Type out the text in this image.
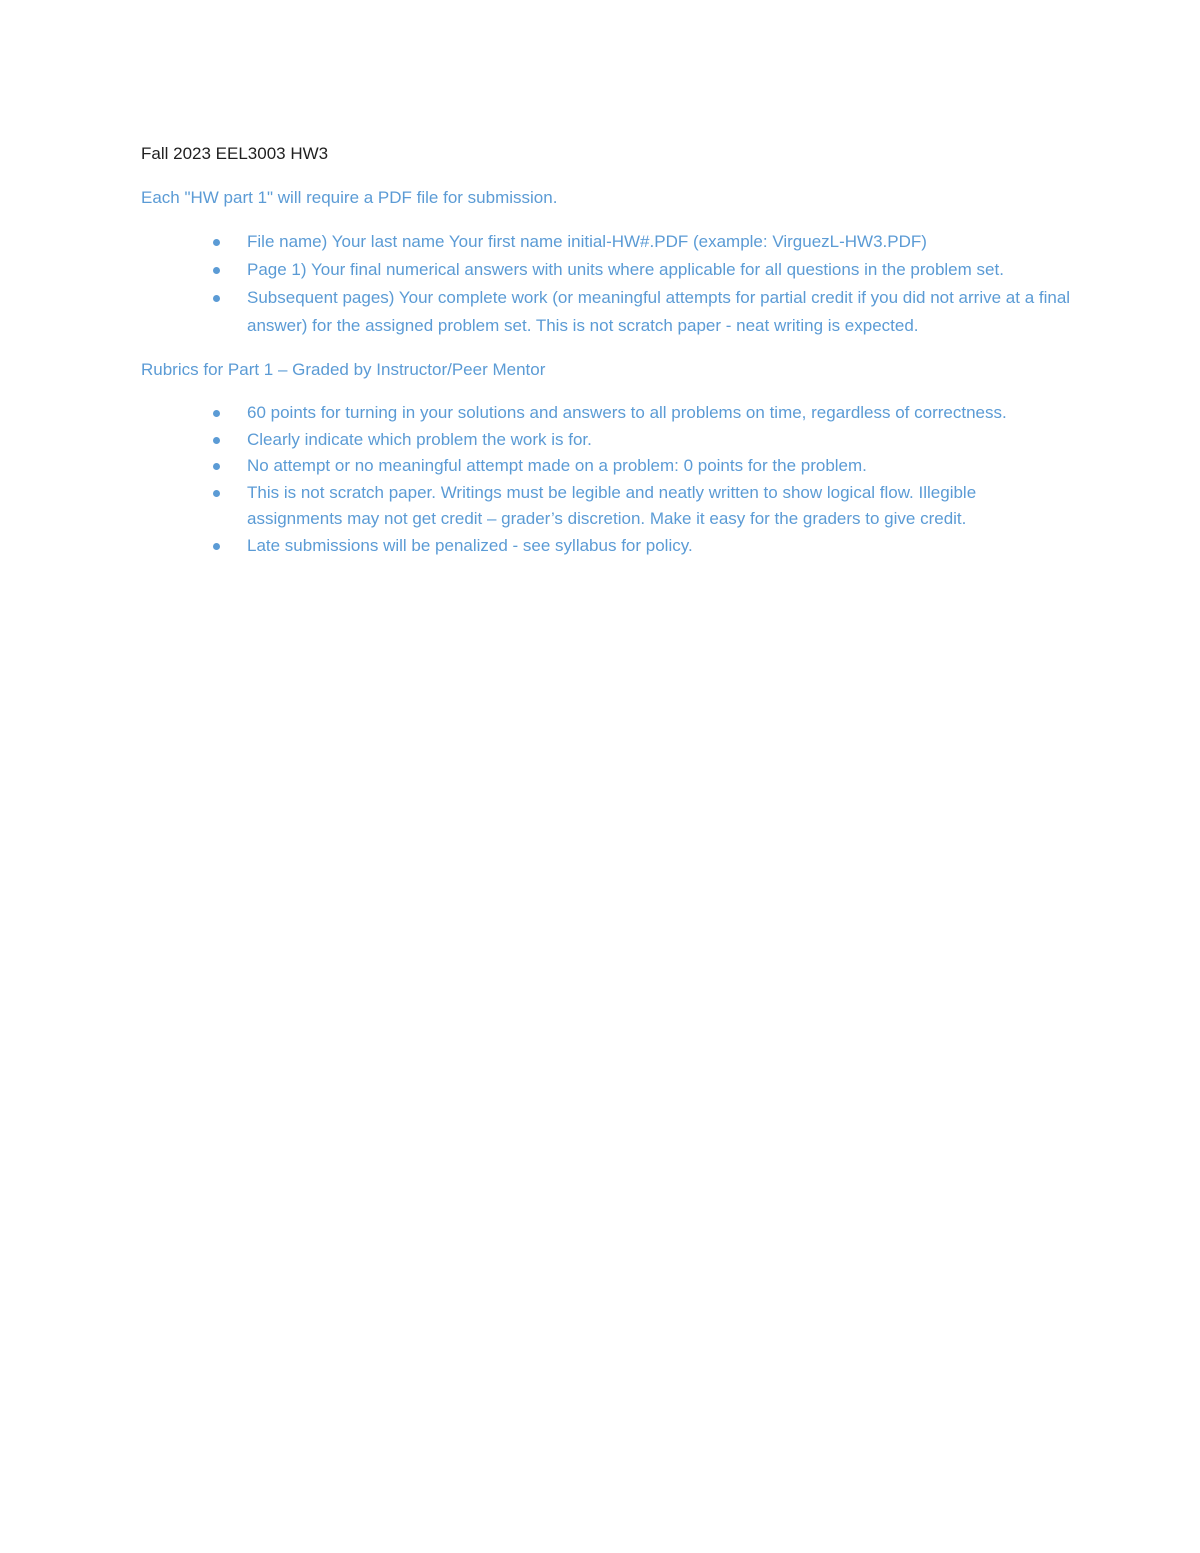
Fall 2023 EEL3003 HW3

Each "HW part 1" will require a PDF file for submission.

File name) Your last name Your first name initial-HW#.PDF (example: VirguezL-HW3.PDF)
Page 1) Your final numerical answers with units where applicable for all questions in the problem set.
Subsequent pages) Your complete work (or meaningful attempts for partial credit if you did not arrive at a final answer) for the assigned problem set. This is not scratch paper - neat writing is expected.

Rubrics for Part 1 – Graded by Instructor/Peer Mentor

60 points for turning in your solutions and answers to all problems on time, regardless of correctness.
Clearly indicate which problem the work is for.
No attempt or no meaningful attempt made on a problem: 0 points for the problem.
This is not scratch paper. Writings must be legible and neatly written to show logical flow. Illegible assignments may not get credit – grader’s discretion. Make it easy for the graders to give credit.
Late submissions will be penalized - see syllabus for policy.
